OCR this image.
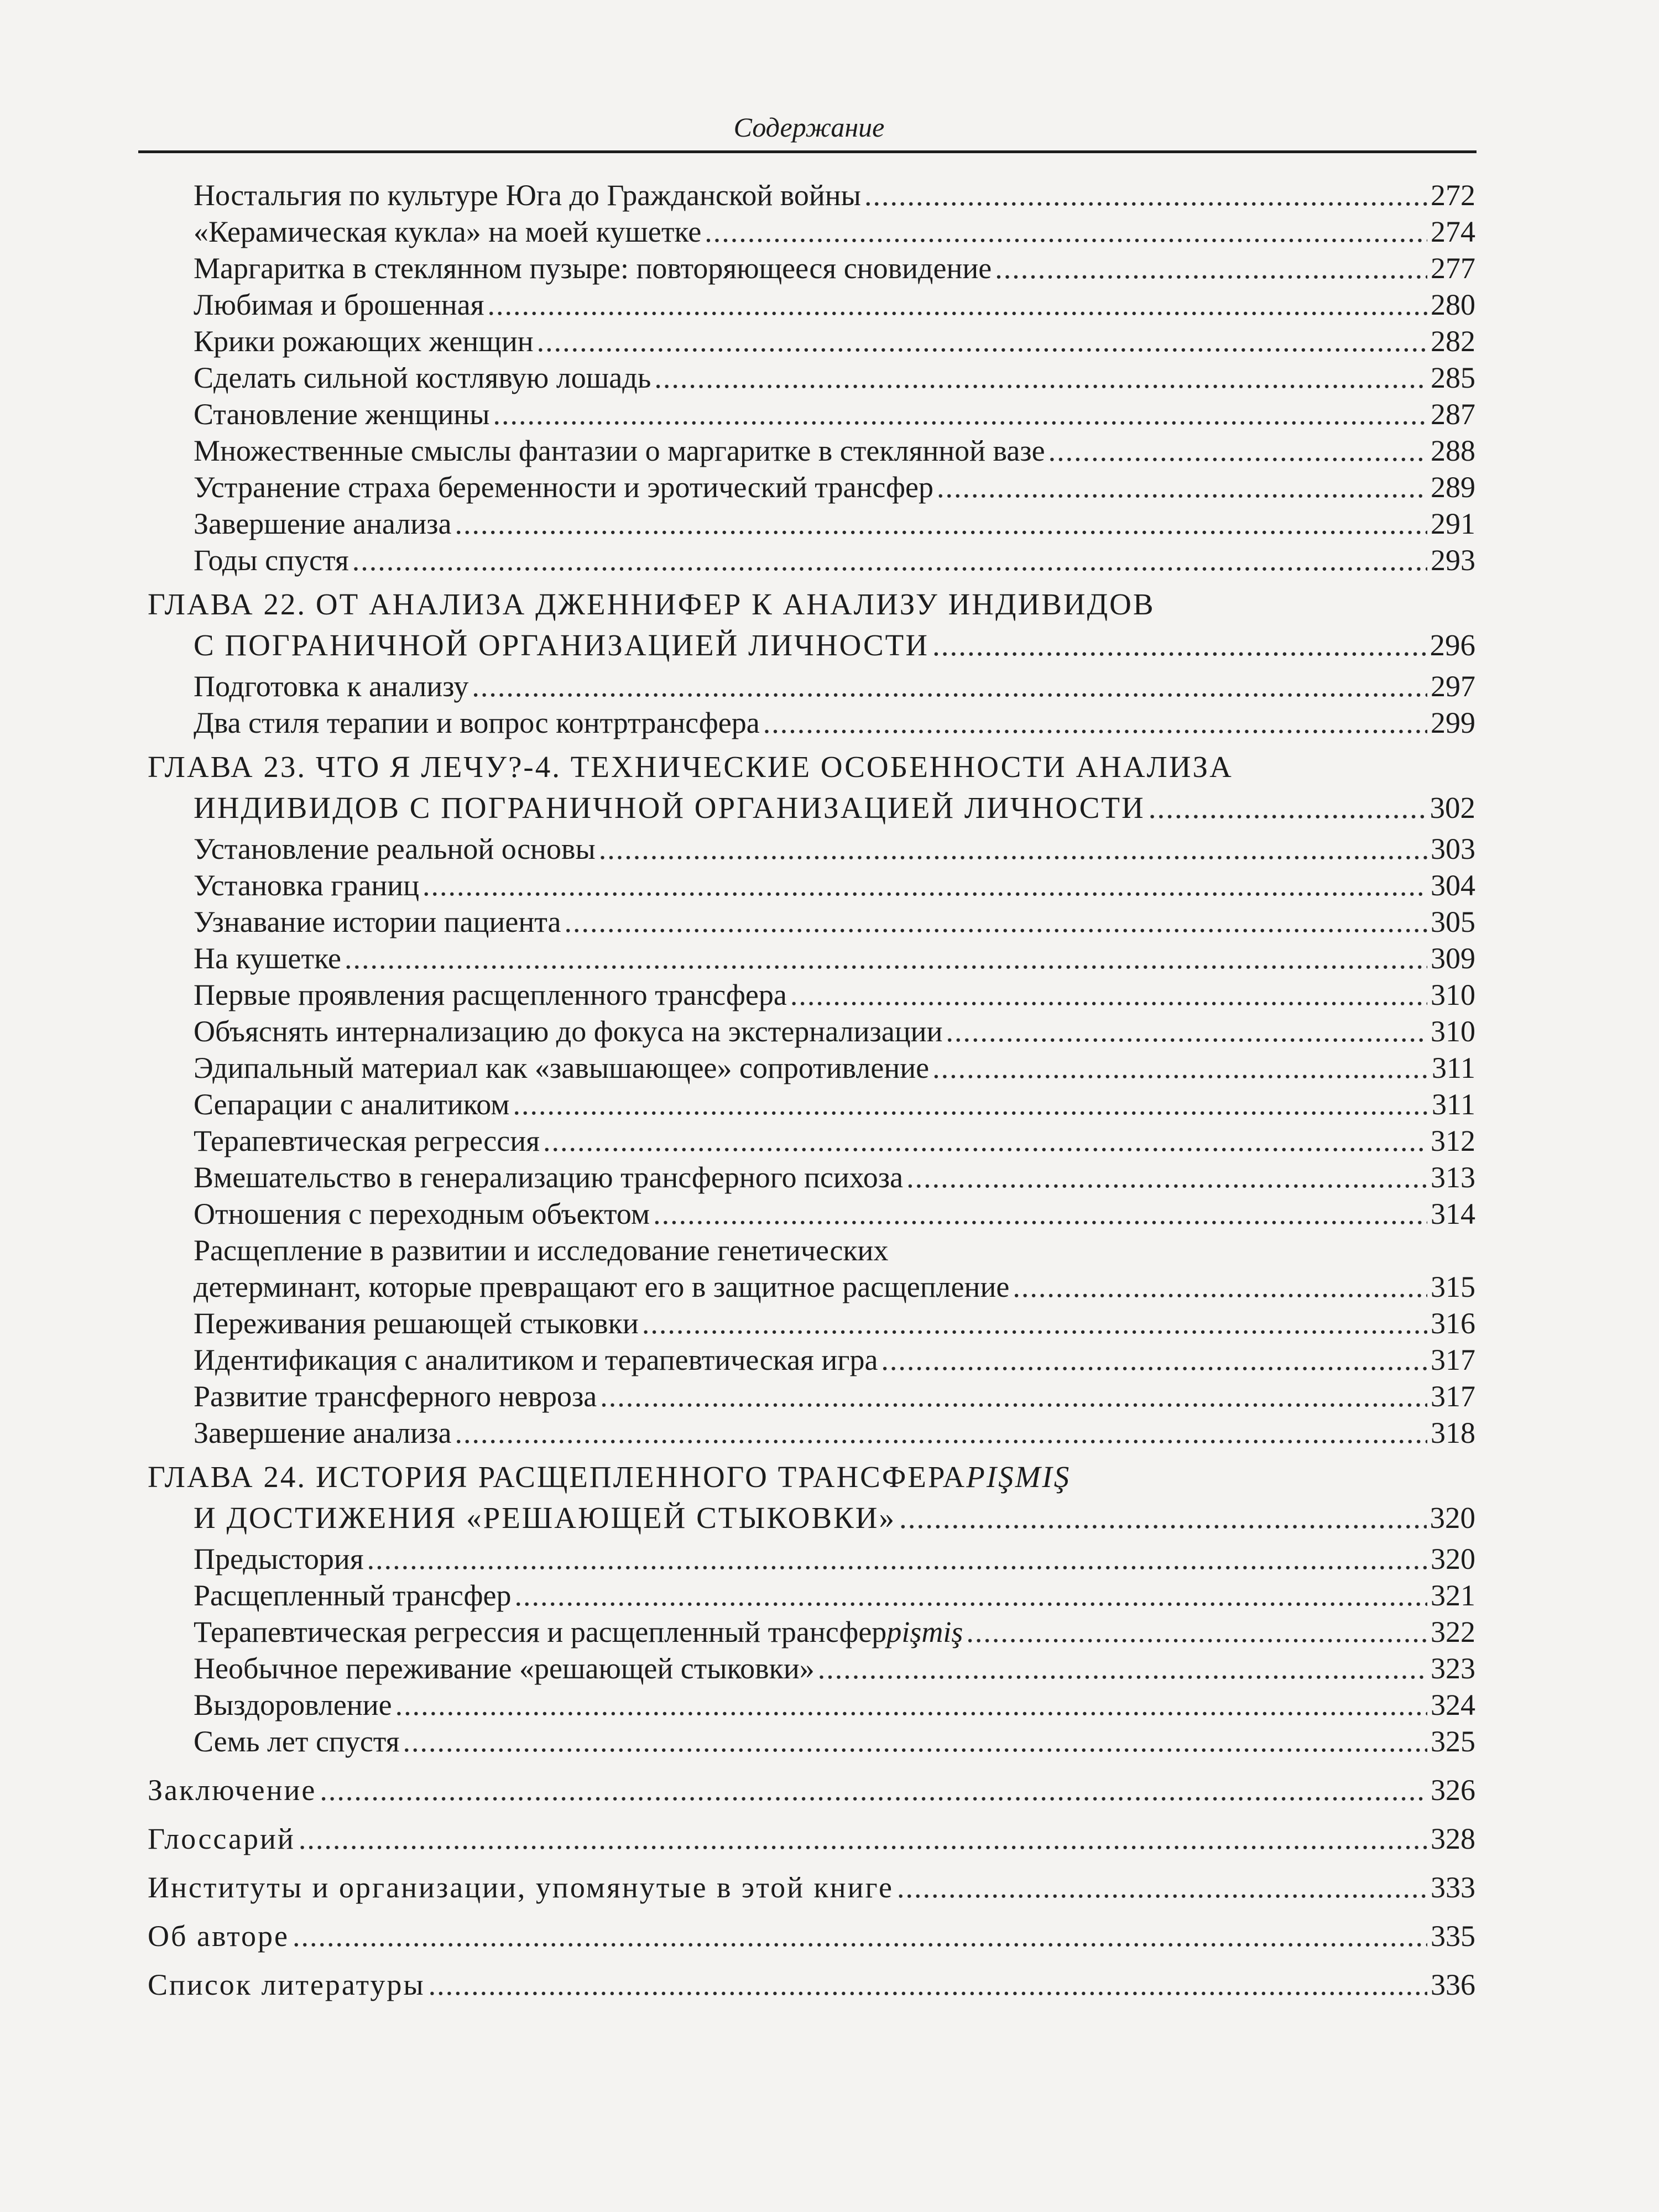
Содержание
Ностальгия по культуре Юга до Гражданской войны .....	272
«Керамическая кукла» на моей кушетке .....	274
Маргаритка в стеклянном пузыре: повторяющееся сновидение .....	277
Любимая и брошенная .....	280
Крики рожающих женщин .....	282
Сделать сильной костлявую лошадь .....	285
Становление женщины .....	287
Множественные смыслы фантазии о маргаритке в стеклянной вазе .....	288
Устранение страха беременности и эротический трансфер .....	289
Завершение анализа .....	291
Годы спустя .....	293
ГЛАВА 22. ОТ АНАЛИЗА ДЖЕННИФЕР К АНАЛИЗУ ИНДИВИДОВ
С ПОГРАНИЧНОЙ ОРГАНИЗАЦИЕЙ ЛИЧНОСТИ .....	296
Подготовка к анализу .....	297
Два стиля терапии и вопрос контртрансфера .....	299
ГЛАВА 23. ЧТО Я ЛЕЧУ?-4. ТЕХНИЧЕСКИЕ ОСОБЕННОСТИ АНАЛИЗА
ИНДИВИДОВ С ПОГРАНИЧНОЙ ОРГАНИЗАЦИЕЙ ЛИЧНОСТИ .....	302
Установление реальной основы .....	303
Установка границ .....	304
Узнавание истории пациента .....	305
На кушетке .....	309
Первые проявления расщепленного трансфера .....	310
Объяснять интернализацию до фокуса на экстернализации .....	310
Эдипальный материал как «завышающее» сопротивление .....	311
Сепарации с аналитиком .....	311
Терапевтическая регрессия .....	312
Вмешательство в генерализацию трансферного психоза .....	313
Отношения с переходным объектом .....	314
Расщепление в развитии и исследование генетических
детерминант, которые превращают его в защитное расщепление .....	315
Переживания решающей стыковки .....	316
Идентификация с аналитиком и терапевтическая игра .....	317
Развитие трансферного невроза .....	317
Завершение анализа .....	318
ГЛАВА 24. ИСТОРИЯ РАСЩЕПЛЕННОГО ТРАНСФЕРА PIŞMIŞ
И ДОСТИЖЕНИЯ «РЕШАЮЩЕЙ СТЫКОВКИ» .....	320
Предыстория .....	320
Расщепленный трансфер .....	321
Терапевтическая регрессия и расщепленный трансфер pişmiş .....	322
Необычное переживание «решающей стыковки» .....	323
Выздоровление .....	324
Семь лет спустя .....	325
Заключение .....	326
Глоссарий .....	328
Институты и организации, упомянутые в этой книге .....	333
Об авторе .....	335
Список литературы .....	336
